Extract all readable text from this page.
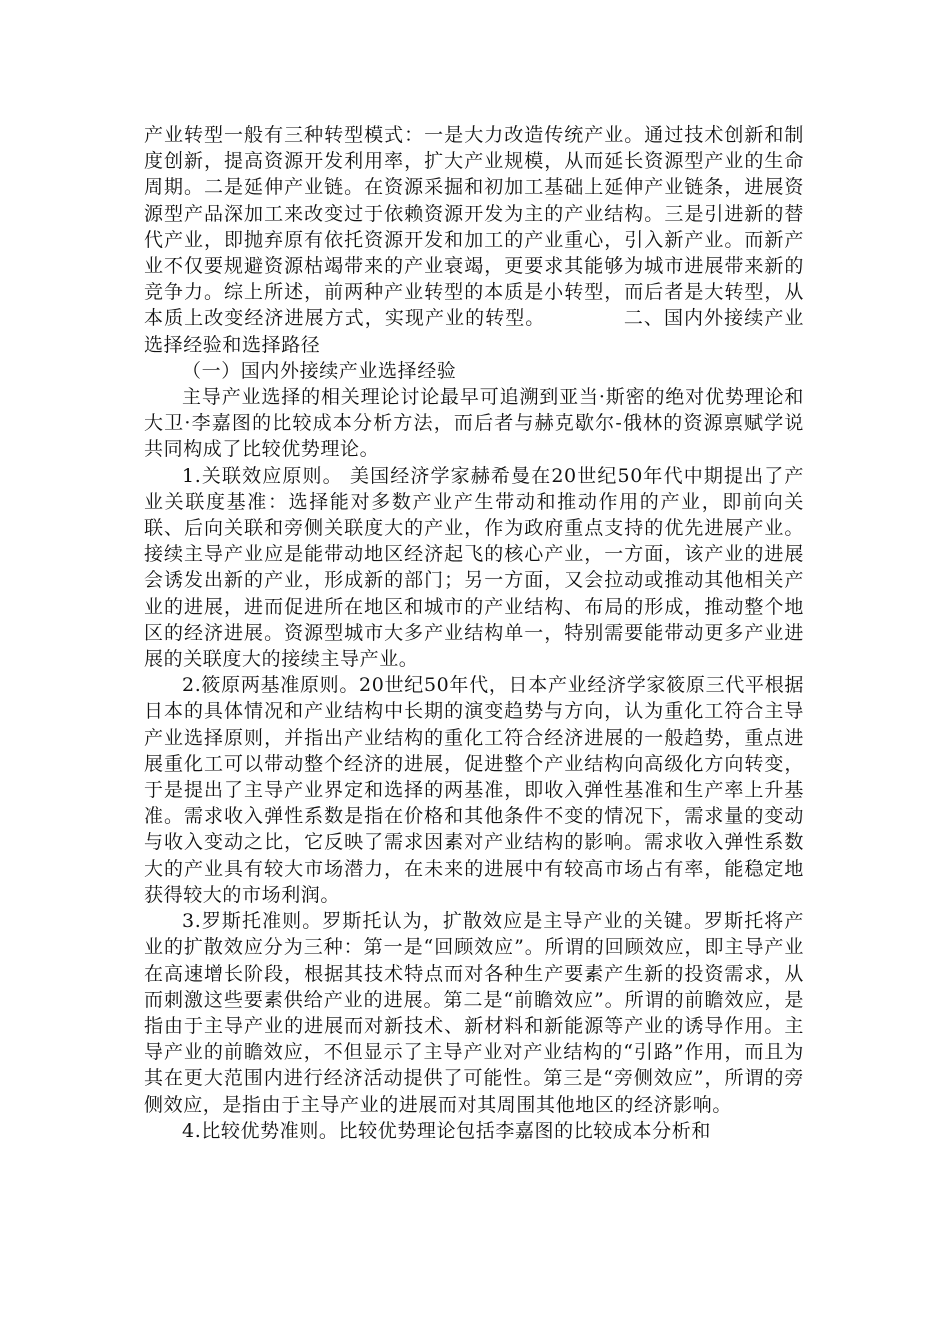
产业转型一般有三种转型模式：一是大力改造传统产业。通过技术创新和制度创新，提高资源开发利用率，扩大产业规模，从而延长资源型产业的生命周期。二是延伸产业链。在资源采掘和初加工基础上延伸产业链条，进展资源型产品深加工来改变过于依赖资源开发为主的产业结构。三是引进新的替代产业，即抛弃原有依托资源开发和加工的产业重心，引入新产业。而新产业不仅要规避资源枯竭带来的产业衰竭，更要求其能够为城市进展带来新的竞争力。综上所述，前两种产业转型的本质是小转型，而后者是大转型，从本质上改变经济进展方式，实现产业的转型。	二、国内外接续产业选择经验和选择路径

（一）国内外接续产业选择经验

主导产业选择的相关理论讨论最早可追溯到亚当·斯密的绝对优势理论和大卫·李嘉图的比较成本分析方法，而后者与赫克歇尔-俄林的资源禀赋学说共同构成了比较优势理论。

1.关联效应原则。 美国经济学家赫希曼在20世纪50年代中期提出了产业关联度基准：选择能对多数产业产生带动和推动作用的产业，即前向关联、后向关联和旁侧关联度大的产业，作为政府重点支持的优先进展产业。接续主导产业应是能带动地区经济起飞的核心产业，一方面，该产业的进展会诱发出新的产业，形成新的部门；另一方面，又会拉动或推动其他相关产业的进展，进而促进所在地区和城市的产业结构、布局的形成，推动整个地区的经济进展。资源型城市大多产业结构单一，特别需要能带动更多产业进展的关联度大的接续主导产业。

2.筱原两基准原则。20世纪50年代，日本产业经济学家筱原三代平根据日本的具体情况和产业结构中长期的演变趋势与方向，认为重化工符合主导产业选择原则，并指出产业结构的重化工符合经济进展的一般趋势，重点进展重化工可以带动整个经济的进展，促进整个产业结构向高级化方向转变，于是提出了主导产业界定和选择的两基准，即收入弹性基准和生产率上升基准。需求收入弹性系数是指在价格和其他条件不变的情况下，需求量的变动与收入变动之比，它反映了需求因素对产业结构的影响。需求收入弹性系数大的产业具有较大市场潜力，在未来的进展中有较高市场占有率，能稳定地获得较大的市场利润。

3.罗斯托准则。罗斯托认为，扩散效应是主导产业的关键。罗斯托将产业的扩散效应分为三种：第一是“回顾效应”。所谓的回顾效应，即主导产业在高速增长阶段，根据其技术特点而对各种生产要素产生新的投资需求，从而刺激这些要素供给产业的进展。第二是“前瞻效应”。所谓的前瞻效应，是指由于主导产业的进展而对新技术、新材料和新能源等产业的诱导作用。主导产业的前瞻效应，不但显示了主导产业对产业结构的“引路”作用，而且为其在更大范围内进行经济活动提供了可能性。第三是“旁侧效应”，所谓的旁侧效应，是指由于主导产业的进展而对其周围其他地区的经济影响。

4.比较优势准则。比较优势理论包括李嘉图的比较成本分析和
